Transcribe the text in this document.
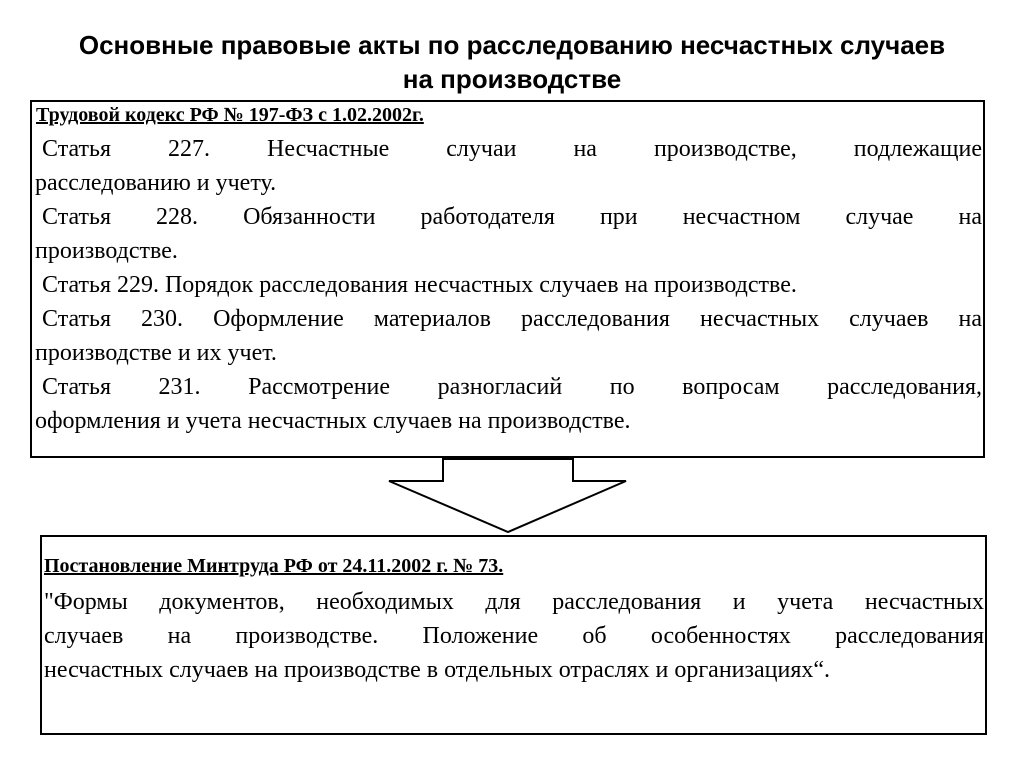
Основные правовые акты по расследованию несчастных случаев
на производстве
Трудовой кодекс РФ № 197-ФЗ с 1.02.2002г.
Статья 227. Несчастные случаи на производстве, подлежащие
расследованию и учету.
Статья 228. Обязанности работодателя при несчастном случае на
производстве.
Статья 229. Порядок расследования несчастных случаев на производстве.
Статья 230. Оформление материалов расследования несчастных случаев на
производстве и их учет.
Статья 231. Рассмотрение разногласий по вопросам расследования,
оформления и учета несчастных случаев на производстве.
Постановление Минтруда РФ от 24.11.2002 г. № 73.
"Формы документов, необходимых для расследования и учета несчастных
случаев на производстве. Положение об особенностях расследования
несчастных случаев на производстве в отдельных отраслях и организациях“.
